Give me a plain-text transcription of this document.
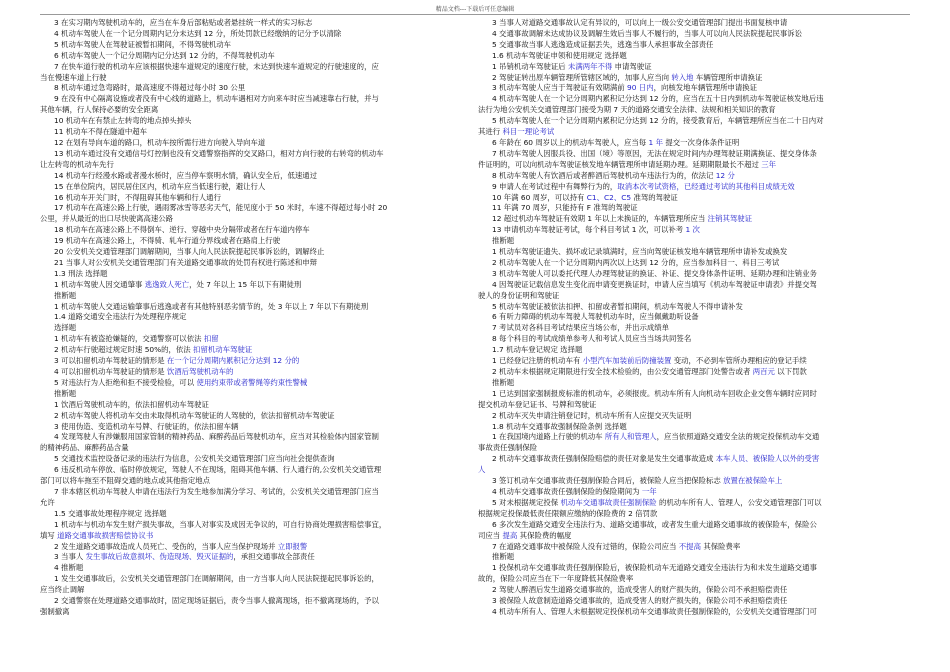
精品文档---下载后可任意编辑
3 在实习期内驾驶机动车的，应当在车身后部粘贴或者悬挂统一样式的实习标志
4 机动车驾驶人在一个记分周期内记分未达到 12 分，所处罚款已经缴纳的记分予以清除
5 机动车驾驶人在驾驶证被暂扣期间，不得驾驶机动车
6 机动车驾驶人一个记分周期内记分达到 12 分的，不得驾驶机动车
7 在快车道行驶的机动车应该根据快速车道规定的速度行驶，未达到快速车道规定的行驶速度的，应
当在慢速车道上行驶
8 机动车通过急弯路时，最高速度不得超过每小时 30 公里
9 在没有中心隔离设施或者没有中心线的道路上，机动车遇相对方向来车时应当减速靠右行驶，并与
其他车辆，行人保持必要的安全距离
10 机动车在有禁止左转弯的地点掉头掉头
11 机动车不得在隧道中超车
12 在划有导向车道的路口，机动车按所需行进方向驶入导向车道
13 机动车通过没有交通信号灯控制也没有交通警察指挥的交叉路口，相对方向行驶的右转弯的机动车
让左转弯的机动车先行
14 机动车行经漫水路或者漫水桥时，应当停车察明水情，确认安全后，低速通过
15 在单位院内，居民居住区内，机动车应当低速行驶，避让行人
16 机动车开关门时，不得阻碍其他车辆和行人通行
17 机动车在高速公路上行驶，遇雨雾冰雪等恶劣天气，能见度小于 50 米时，车速不得超过每小时 20
公里，并从最近的出口尽快驶离高速公路
18 机动车在高速公路上不得倒车、逆行、穿越中央分隔带或者在行车道内停车
19 机动车在高速公路上，不得骑、轧车行道分界线或者在路肩上行驶
20 公安机关交通管理部门调解期间，当事人向人民法院提起民事诉讼的，调解终止
21 当事人对公安机关交通管理部门有关道路交通事故的处罚有权进行陈述和申辩
1.3 刑法 选择题
1 机动车驾驶人因交通肇事 逃逸致人死亡，处 7 年以上 15 年以下有期徒刑
推断题
1 机动车驾驶人交通运输肇事后逃逸或者有其他特别恶劣情节的，处 3 年以上 7 年以下有期徒刑
1.4 道路交通安全违法行为处理程序规定
选择题
1 机动车有被盗抢嫌疑的，交通警察可以依法 扣留
2 机动车行驶超过规定时速 50%的，依法 扣留机动车驾驶证
3 可以扣留机动车驾驶证的情形是 在一个记分周期内累积记分达到 12 分的
4 可以扣留机动车驾驶证的情形是 饮酒后驾驶机动车的
5 对违法行为人拒绝和拒不接受检验，可以 使用约束带或者警绳等约束性警械
推断题
1 饮酒后驾驶机动车的，依法扣留机动车驾驶证
2 机动车驾驶人将机动车交由未取得机动车驾驶证的人驾驶的，依法扣留机动车驾驶证
3 使用伪造、变造机动车号牌、行驶证的，依法扣留车辆
4 发现驾驶人有涉嫌服用国家管制的精神药品、麻醉药品后驾驶机动车，应当对其检验体内国家管制
的精神药品、麻醉药品含量
5 交通技术监控设备记录的违法行为信息，公安机关交通管理部门应当向社会提供查询
6 违反机动车停放、临时停放规定，驾驶人不在现场，阻碍其他车辆、行人通行的,公安机关交通管理
部门可以将车拖至不阻碍交通的地点或其他指定地点
7 非本辖区机动车驾驶人申请在违法行为发生地参加满分学习、考试的，公安机关交通管理部门应当
允许
1.5 交通事故处理程序规定 选择题
1 机动车与机动车发生财产损失事故，当事人对事实及成因无争议的，可自行协商处理损害赔偿事宜，
填写 道路交通事故损害赔偿协议书
2 发生道路交通事故造成人员死亡、受伤的，当事人应当保护现场并 立即报警
3 当事人 发生事故后故意损坏、伪造现场、毁灭证据的，承担交通事故全部责任
4 推断题
1 发生交通事故后，公安机关交通管理部门在调解期间，由一方当事人向人民法院提起民事诉讼的，
应当终止调解
2 交通警察在处理道路交通事故时，固定现场证据后，责令当事人撤离现场，拒不撤离现场的，予以
强制撤离
3 当事人对道路交通事故认定有异议的，可以向上一级公安交通管理部门提出书面复核申请
4 交通事故调解未达成协议及调解生效后当事人不履行的，当事人可以向人民法院提起民事诉讼
5 交通事故当事人逃逸造成证据丢失，逃逸当事人承担事故全部责任
1.6 机动车驾驶证申领和使用规定 选择题
1 吊销机动车驾驶证后 未满两年不得 申请驾驶证
2 驾驶证转出原车辆管理所管辖区域的，加事人应当向 转入地 车辆管理所申请换证
3 机动车驾驶人应当于驾驶证有效期满前 90 日内，向核发地车辆管理所申请换证
4 机动车驾驶人在一个记分周期内累积记分达到 12 分的，应当在五十日内到机动车驾驶证核发地后违
法行为地公安机关交通管理部门接受为期 7 天的道路交通安全法律、法规和相关知识的教育
5 机动车驾驶人在一个记分周期内累积记分达到 12 分的，接受教育后，车辆管理所应当在二十日内对
其进行 科目一理论考试
6 年龄在 60 周岁以上的机动车驾驶人，应当每 1 年 提交一次身体条件证明
7 机动车驾驶人因服兵役、出国（境）等原因，无法在规定时间内办理驾驶证期满换证、提交身体条
件证明的，可以向机动车驾驶证核发地车辆管理所申请延期办理。延期期限最长不超过 三年
8 机动车驾驶人有饮酒后或者醉酒后驾驶机动车违法行为的，依法记 12 分
9 申请人在考试过程中有舞弊行为的，取消本次考试资格，已经通过考试的其他科目成绩无效
10 年满 60 周岁，可以持有 C1、C2、C5 准驾的驾驶证
11 年满 70 周岁，只能持有 F 准驾的驾驶证
12 超过机动车驾驶证有效期 1 年以上未换证的，车辆管理所应当 注销其驾驶证
13 申请机动车驾驶证考试，每个科目考试 1 次，可以补考 1 次
推断题
1 机动车驾驶证遗失、损坏或记录填满时，应当向驾驶证核发地车辆管理所申请补发或换发
2 机动车驾驶人在一个记分周期内两次以上达到 12 分的，应当参加科目一、科目三考试
3 机动车驾驶人可以委托代理人办理驾驶证的换证、补证、提交身体条件证明、延期办理和注销业务
4 因驾驶证记载信息发生变化而申请变更换证时，申请人应当填写《机动车驾驶证申请表》并提交驾
驶人的身份证明和驾驶证
5 机动车驾驶证被依法扣押、扣留或者暂扣期间，机动车驾驶人不得申请补发
6 有听力障碍的机动车驾驶人驾驶机动车时，应当佩戴助听设备
7 考试员对各科目考试结果应当场公布，并出示成绩单
8 每个科目的考试成绩单参考人和考试人员应当当场共同签名
1.7 机动车登记规定 选择题
1 已经登记注册的机动车有 小型汽车加装前后防撞装置 变动，不必到车管所办理相应的登记手续
2 机动车未根据规定期限进行安全技术检验的，由公安交通管理部门处警告或者 两百元 以下罚款
推断题
1 已达到国家强制报废标准的机动车，必须报废。机动车所有人向机动车回收企业交售车辆时应同时
提交机动车登记证书、号牌和驾驶证
2 机动车灭失申请注销登记时，机动车所有人应提交灭失证明
1.8 机动车交通事故强制保险条例 选择题
1 在我国境内道路上行驶的机动车 所有人和管理人，应当依照道路交通安全法的规定投保机动车交通
事故责任强制保险
2 机动车交通事故责任强制保险赔偿的责任对象是发生交通事故造成 本车人员、被保险人以外的受害
人
3 签订机动车交通事故责任强制保险合同后，被保险人应当把保险标志 放置在被保险车上
4 机动车交通事故责任强制保险的保险期间为 一年
5 对未根据规定投保 机动车交通事故责任强制保险 的机动车所有人、管理人，公安交通管理部门可以
根据规定投保最低责任限额应缴纳的保险费的 2 倍罚款
6 多次发生道路交通安全违法行为、道路交通事故，或者发生重大道路交通事故的被保险车，保险公
司应当 提高 其保险费的幅度
7 在道路交通事故中被保险人没有过错的，保险公司应当 不提高 其保险费率
推断题
1 投保机动车交通事故责任强制保险后，被保险机动车无道路交通安全违法行为和未发生道路交通事
故的，保险公司应当在下一年度降低其保险费率
2 驾驶人醉酒后发生道路交通事故的，造成受害人的财产损失的，保险公司不承担赔偿责任
3 被保险人故意制造道路交通事故的，造成受害人的财产损失的，保险公司不承担赔偿责任
4 机动车所有人、管理人未根据规定投保机动车交通事故责任强制保险的，公安机关交通管理部门可
